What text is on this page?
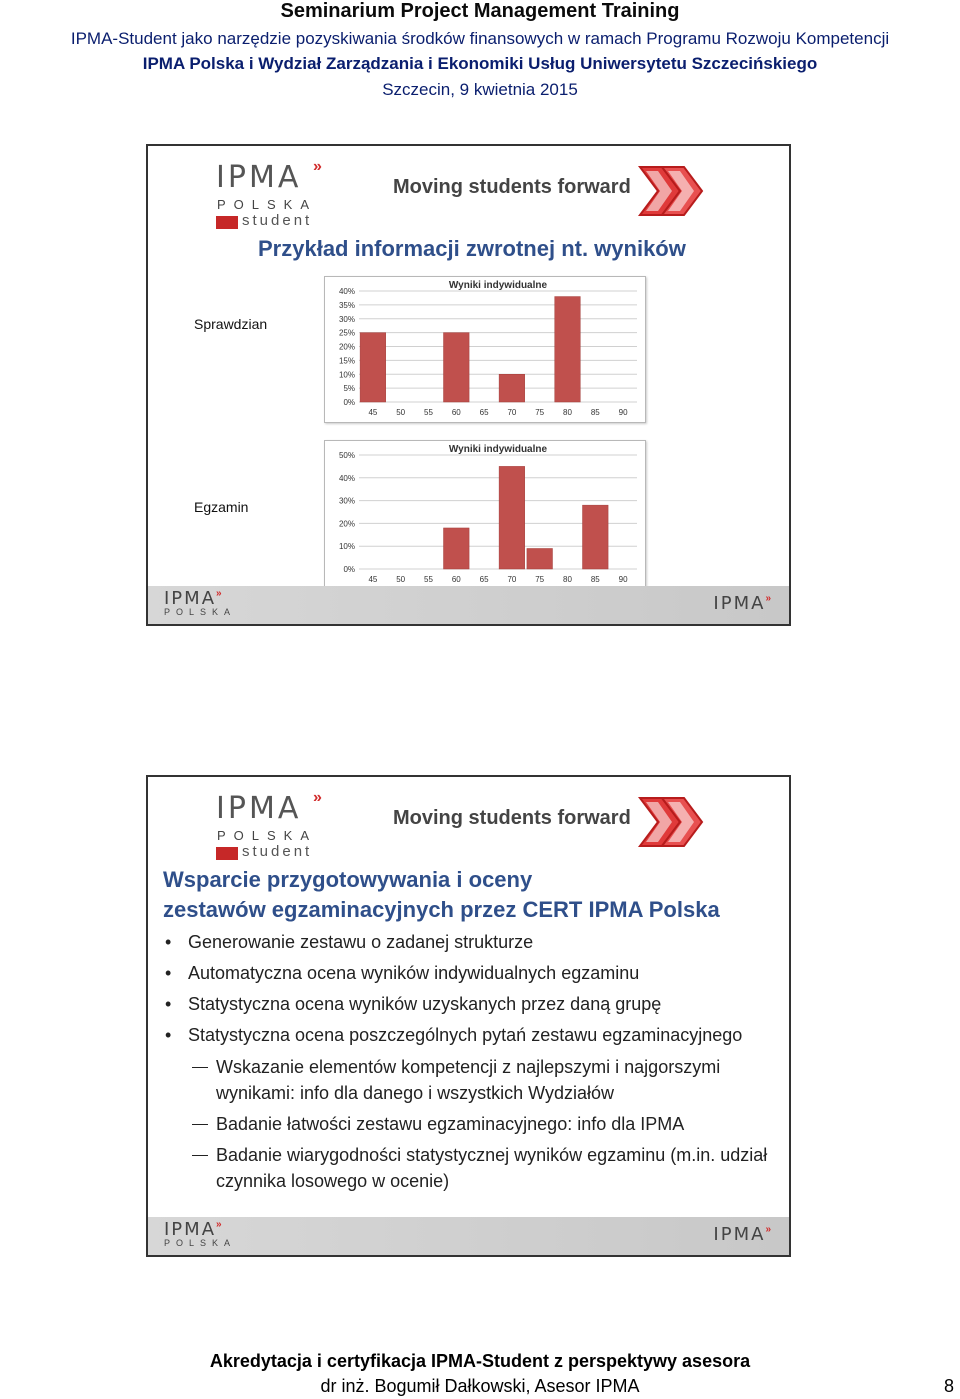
Seminarium Project Management Training
IPMA-Student jako narzędzie pozyskiwania środków finansowych w ramach Programu Rozwoju Kompetencji
IPMA Polska i Wydział Zarządzania i Ekonomiki Usług Uniwersytetu Szczecińskiego
Szczecin, 9 kwietnia 2015
IPMA »
POLSKA
student
Moving students forward
Przykład informacji zwrotnej nt. wyników
Sprawdzian
Egzamin
Wyniki indywidualne
0%
5%
10%
15%
20%
25%
30%
35%
40%
45 50 55 60 65 70 75 80 85 90
Wyniki indywidualne
0%
10%
20%
30%
40%
50%
45 50 55 60 65 70 75 80 85 90
IPMA»
POLSKA	IPMA»
IPMA »
POLSKA
student
Moving students forward
Wsparcie przygotowywania i oceny
zestawów egzaminacyjnych przez CERT IPMA Polska
• Generowanie zestawu o zadanej strukturze
• Automatyczna ocena wyników indywidualnych egzaminu
• Statystyczna ocena wyników uzyskanych przez daną grupę
• Statystyczna ocena poszczególnych pytań zestawu egzaminacyjnego
Wskazanie elementów kompetencji z najlepszymi i najgorszymi wynikami: info dla danego i wszystkich Wydziałów
Badanie łatwości zestawu egzaminacyjnego: info dla IPMA
Badanie wiarygodności statystycznej wyników egzaminu (m.in. udział czynnika losowego w ocenie)
IPMA»
POLSKA	IPMA»
Akredytacja i certyfikacja IPMA-Student z perspektywy asesora
dr inż. Bogumił Dałkowski, Asesor IPMA	8
